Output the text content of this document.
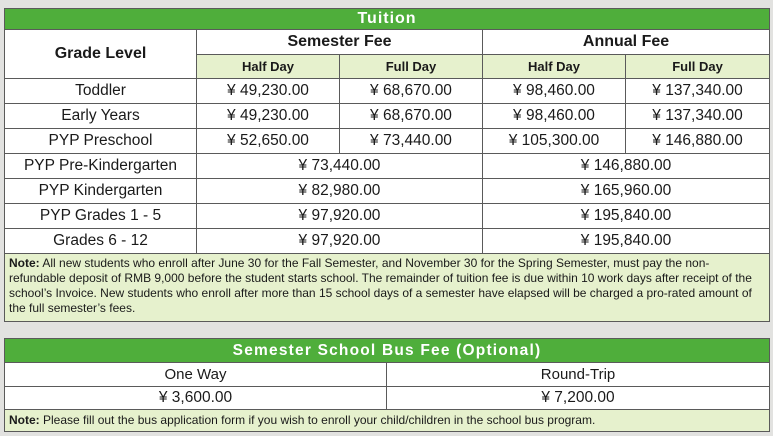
Tuition				
Grade Level	Semester Fee		Annual Fee	
	Half Day	Full Day	Half Day	Full Day
Toddler	¥ 49,230.00	¥ 68,670.00	¥ 98,460.00	¥ 137,340.00
Early Years	¥ 49,230.00	¥ 68,670.00	¥ 98,460.00	¥ 137,340.00
PYP Preschool	¥ 52,650.00	¥ 73,440.00	¥ 105,300.00	¥ 146,880.00
PYP Pre-Kindergarten	¥ 73,440.00		¥ 146,880.00	
PYP Kindergarten	¥ 82,980.00		¥ 165,960.00	
PYP Grades 1 - 5	¥ 97,920.00		¥ 195,840.00	
Grades 6 - 12	¥ 97,920.00		¥ 195,840.00	
Note: All new students who enroll after June 30 for the Fall Semester, and November 30 for the Spring Semester, must pay the non-refundable deposit of RMB 9,000 before the student starts school. The remainder of tuition fee is due within 10 work days after receipt of the school’s Invoice. New students who enroll after more than 15 school days of a semester have elapsed will be charged a pro-rated amount of the full semester’s fees.				
Semester School Bus Fee (Optional)	
One Way	Round-Trip
¥ 3,600.00	¥ 7,200.00
Note: Please fill out the bus application form if you wish to enroll your child/children in the school bus program.	
